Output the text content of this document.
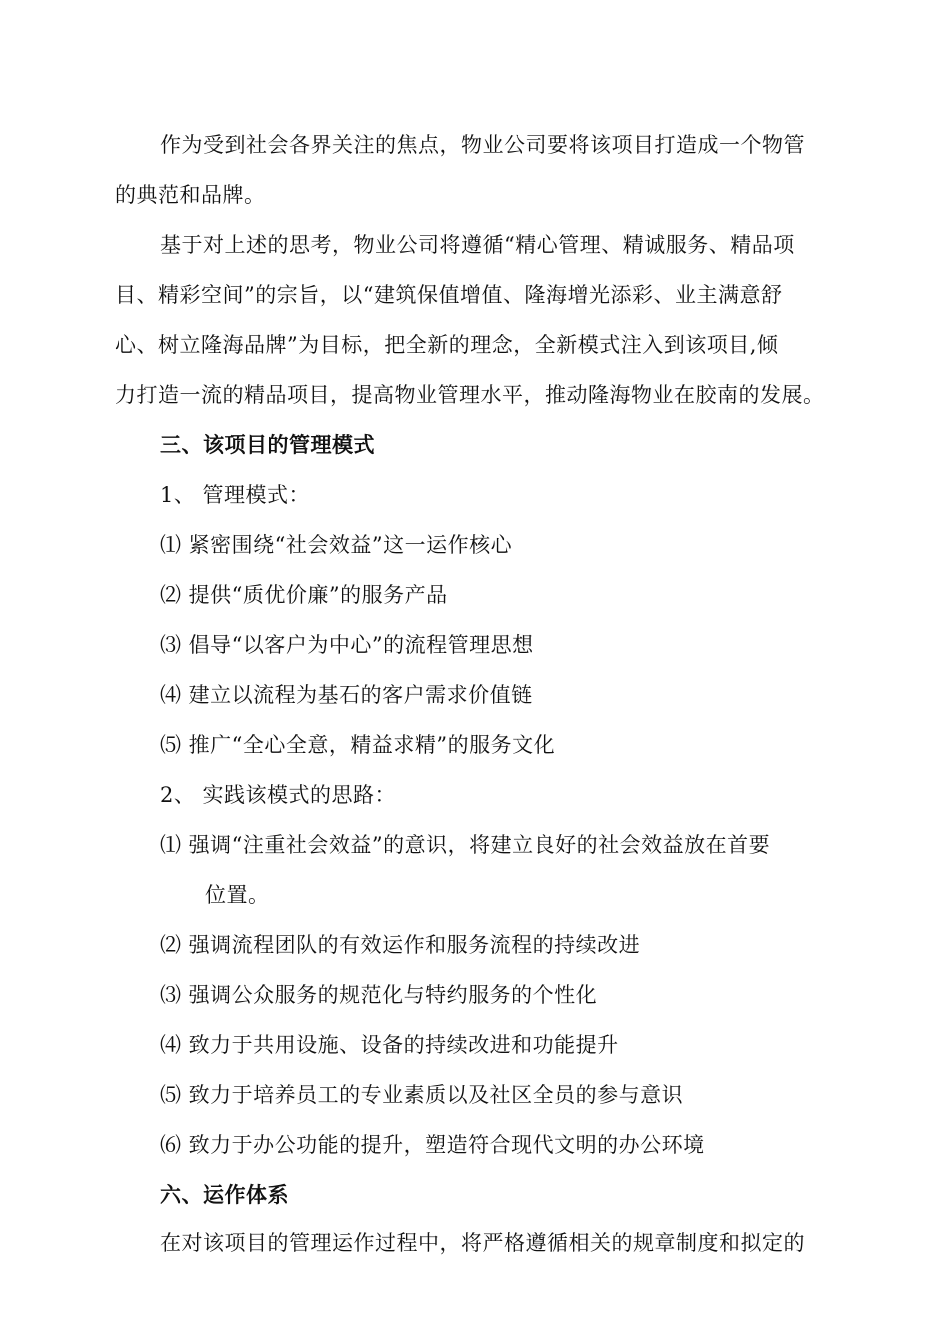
作为受到社会各界关注的焦点，物业公司要将该项目打造成一个物管
的典范和品牌。
基于对上述的思考，物业公司将遵循“精心管理、精诚服务、精品项
目、精彩空间”的宗旨，以“建筑保值增值、隆海增光添彩、业主满意舒
心、树立隆海品牌”为目标，把全新的理念，全新模式注入到该项目,倾
力打造一流的精品项目，提高物业管理水平，推动隆海物业在胶南的发展。
三、该项目的管理模式
1、 管理模式：
⑴ 紧密围绕“社会效益”这一运作核心
⑵ 提供“质优价廉”的服务产品
⑶ 倡导“以客户为中心”的流程管理思想
⑷ 建立以流程为基石的客户需求价值链
⑸ 推广“全心全意，精益求精”的服务文化
2、 实践该模式的思路：
⑴ 强调“注重社会效益”的意识，将建立良好的社会效益放在首要
位置。
⑵ 强调流程团队的有效运作和服务流程的持续改进
⑶ 强调公众服务的规范化与特约服务的个性化
⑷ 致力于共用设施、设备的持续改进和功能提升
⑸ 致力于培养员工的专业素质以及社区全员的参与意识
⑹ 致力于办公功能的提升，塑造符合现代文明的办公环境
六、运作体系
在对该项目的管理运作过程中，将严格遵循相关的规章制度和拟定的
